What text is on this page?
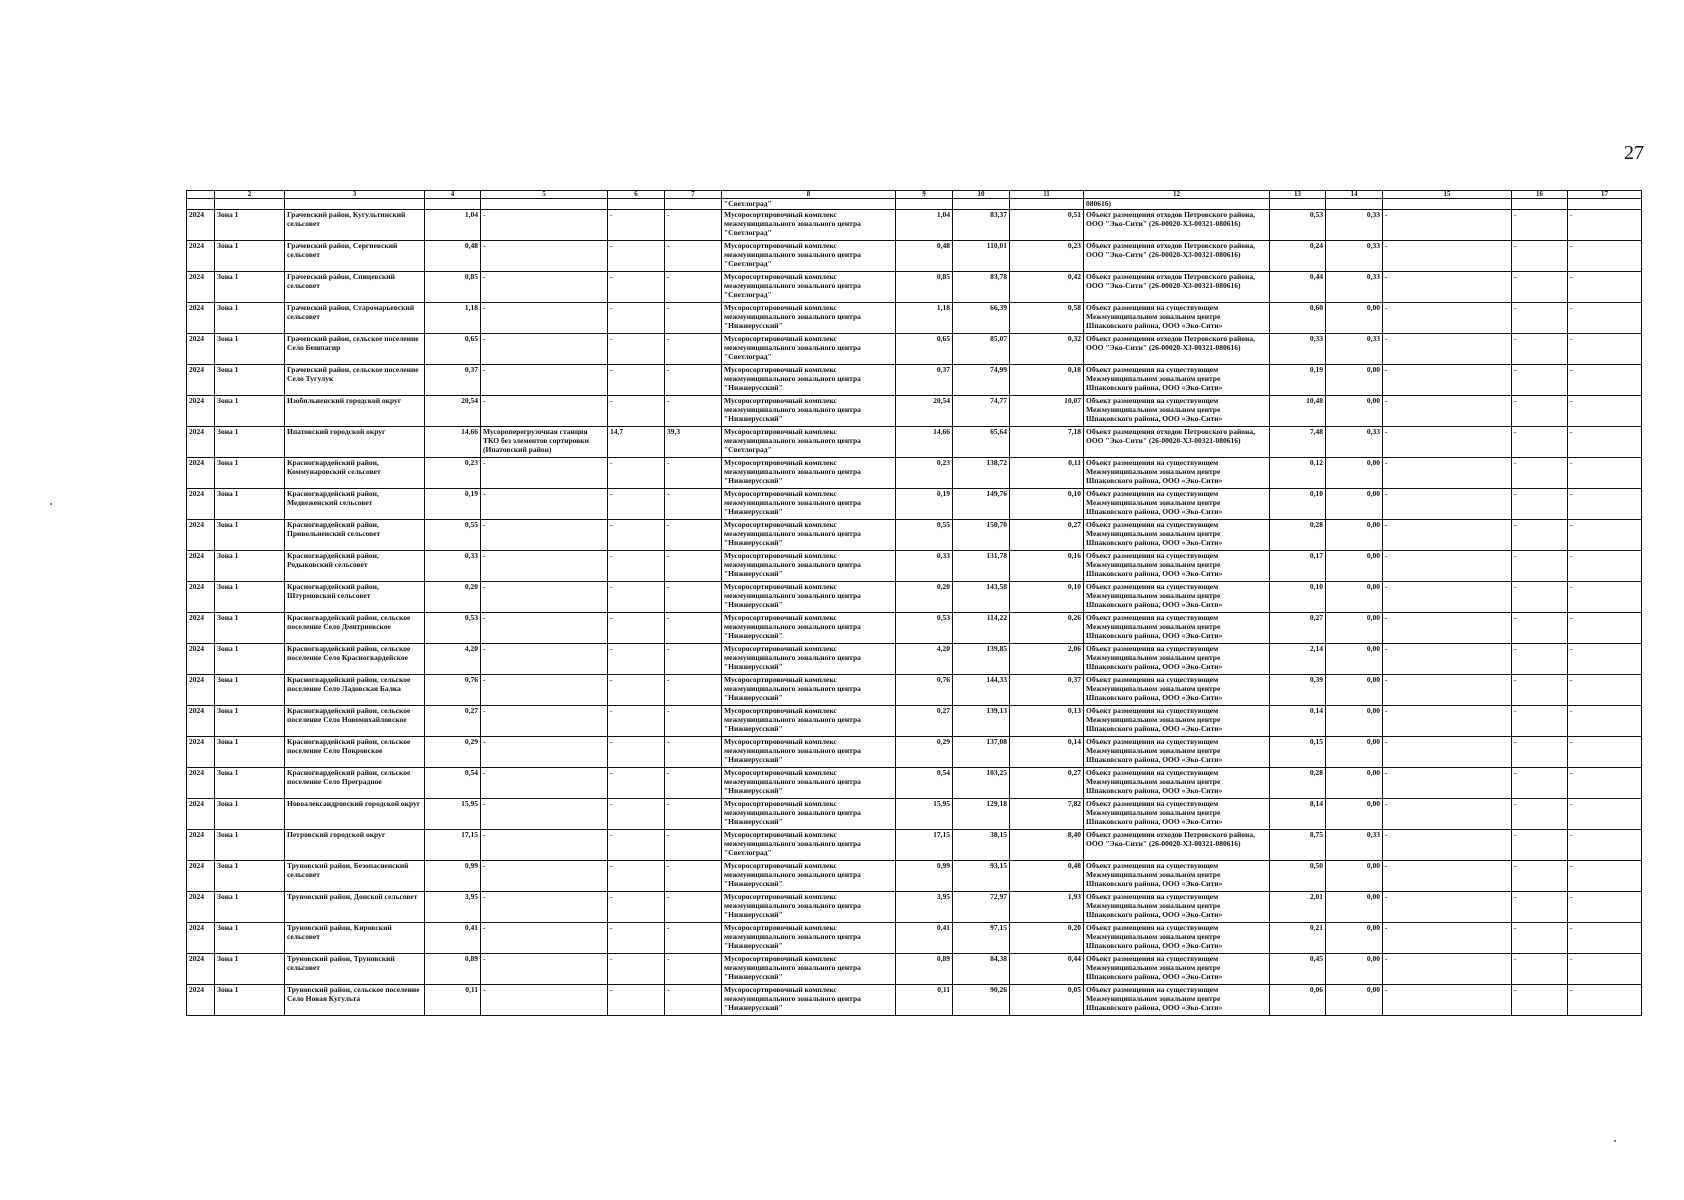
27
	2	3	4	5	6	7	8	9	10	11	12	13	14	15	16	17
							"Светлоград"				080616)					
2024	Зона 1	Грачевский район, Кугультинский сельсовет	1,04	-	-	-	Мусоросортировочный комплекс межмуниципального зонального центра "Светлоград"	1,04	83,37	0,51	Объект размещения отходов Петровского района, ООО "Эко-Сити" (26-00020-Х3-00321-080616)	0,53	0,33	-	-	-
2024	Зона 1	Грачевский район, Сергиевский сельсовет	0,48	-	-	-	Мусоросортировочный комплекс межмуниципального зонального центра "Светлоград"	0,48	110,01	0,23	Объект размещения отходов Петровского района, ООО "Эко-Сити" (26-00020-Х3-00321-080616)	0,24	0,33	-	-	-
2024	Зона 1	Грачевский район, Спицевский сельсовет	0,85	-	-	-	Мусоросортировочный комплекс межмуниципального зонального центра "Светлоград"	0,85	83,78	0,42	Объект размещения отходов Петровского района, ООО "Эко-Сити" (26-00020-Х3-00321-080616)	0,44	0,33	-	-	-
2024	Зона 1	Грачевский район, Старомарьевский сельсовет	1,18	-	-	-	Мусоросортировочный комплекс межмуниципального зонального центра "Нижнерусский"	1,18	66,39	0,58	Объект размещения на существующем Межмуниципальном зональном центре Шпаковского района, ООО «Эко-Сити»	0,60	0,00	-	-	-
2024	Зона 1	Грачевский район, сельское поселение Село Бешпагир	0,65	-	-	-	Мусоросортировочный комплекс межмуниципального зонального центра "Светлоград"	0,65	85,07	0,32	Объект размещения отходов Петровского района, ООО "Эко-Сити" (26-00020-Х3-00321-080616)	0,33	0,33	-	-	-
2024	Зона 1	Грачевский район, сельское поселение Село Тугулук	0,37	-	-	-	Мусоросортировочный комплекс межмуниципального зонального центра "Нижнерусский"	0,37	74,99	0,18	Объект размещения на существующем Межмуниципальном зональном центре Шпаковского района, ООО «Эко-Сити»	0,19	0,00	-	-	-
2024	Зона 1	Изобильненский городской округ	20,54	-	-	-	Мусоросортировочный комплекс межмуниципального зонального центра "Нижнерусский"	20,54	74,77	10,07	Объект размещения на существующем Межмуниципальном зональном центре Шпаковского района, ООО «Эко-Сити»	10,48	0,00	-	-	-
2024	Зона 1	Ипатовский городской округ	14,66	Мусороперегрузочная станция ТКО без элементов сортировки (Ипатовский район)	14,7	39,3	Мусоросортировочный комплекс межмуниципального зонального центра "Светлоград"	14,66	65,64	7,18	Объект размещения отходов Петровского района, ООО "Эко-Сити" (26-00020-Х3-00321-080616)	7,48	0,33	-	-	-
2024	Зона 1	Красногвардейский район, Коммунаровский сельсовет	0,23	-	-	-	Мусоросортировочный комплекс межмуниципального зонального центра "Нижнерусский"	0,23	138,72	0,11	Объект размещения на существующем Межмуниципальном зональном центре Шпаковского района, ООО «Эко-Сити»	0,12	0,00	-	-	-
2024	Зона 1	Красногвардейский район, Медвеженский сельсовет	0,19	-	-	-	Мусоросортировочный комплекс межмуниципального зонального центра "Нижнерусский"	0,19	149,76	0,10	Объект размещения на существующем Межмуниципальном зональном центре Шпаковского района, ООО «Эко-Сити»	0,10	0,00	-	-	-
2024	Зона 1	Красногвардейский район, Привольненский сельсовет	0,55	-	-	-	Мусоросортировочный комплекс межмуниципального зонального центра "Нижнерусский"	0,55	150,70	0,27	Объект размещения на существующем Межмуниципальном зональном центре Шпаковского района, ООО «Эко-Сити»	0,28	0,00	-	-	-
2024	Зона 1	Красногвардейский район, Родыковский сельсовет	0,33	-	-	-	Мусоросортировочный комплекс межмуниципального зонального центра "Нижнерусский"	0,33	131,78	0,16	Объект размещения на существующем Межмуниципальном зональном центре Шпаковского района, ООО «Эко-Сити»	0,17	0,00	-	-	-
2024	Зона 1	Красногвардейский район, Штурмовский сельсовет	0,20	-	-	-	Мусоросортировочный комплекс межмуниципального зонального центра "Нижнерусский"	0,20	143,58	0,10	Объект размещения на существующем Межмуниципальном зональном центре Шпаковского района, ООО «Эко-Сити»	0,10	0,00	-	-	-
2024	Зона 1	Красногвардейский район, сельское поселение Село Дмитриевское	0,53	-	-	-	Мусоросортировочный комплекс межмуниципального зонального центра "Нижнерусский"	0,53	114,22	0,26	Объект размещения на существующем Межмуниципальном зональном центре Шпаковского района, ООО «Эко-Сити»	0,27	0,00	-	-	-
2024	Зона 1	Красногвардейский район, сельское поселение Село Красногвардейское	4,20	-	-	-	Мусоросортировочный комплекс межмуниципального зонального центра "Нижнерусский"	4,20	139,85	2,06	Объект размещения на существующем Межмуниципальном зональном центре Шпаковского района, ООО «Эко-Сити»	2,14	0,00	-	-	-
2024	Зона 1	Красногвардейский район, сельское поселение Село Ладовская Балка	0,76	-	-	-	Мусоросортировочный комплекс межмуниципального зонального центра "Нижнерусский"	0,76	144,33	0,37	Объект размещения на существующем Межмуниципальном зональном центре Шпаковского района, ООО «Эко-Сити»	0,39	0,00	-	-	-
2024	Зона 1	Красногвардейский район, сельское поселение Село Новомихайловское	0,27	-	-	-	Мусоросортировочный комплекс межмуниципального зонального центра "Нижнерусский"	0,27	139,13	0,13	Объект размещения на существующем Межмуниципальном зональном центре Шпаковского района, ООО «Эко-Сити»	0,14	0,00	-	-	-
2024	Зона 1	Красногвардейский район, сельское поселение Село Покровское	0,29	-	-	-	Мусоросортировочный комплекс межмуниципального зонального центра "Нижнерусский"	0,29	137,08	0,14	Объект размещения на существующем Межмуниципальном зональном центре Шпаковского района, ООО «Эко-Сити»	0,15	0,00	-	-	-
2024	Зона 1	Красногвардейский район, сельское поселение Село Преградное	0,54	-	-	-	Мусоросортировочный комплекс межмуниципального зонального центра "Нижнерусский"	0,54	103,25	0,27	Объект размещения на существующем Межмуниципальном зональном центре Шпаковского района, ООО «Эко-Сити»	0,28	0,00	-	-	-
2024	Зона 1	Новоалександровский городской округ	15,95	-	-	-	Мусоросортировочный комплекс межмуниципального зонального центра "Нижнерусский"	15,95	129,18	7,82	Объект размещения на существующем Межмуниципальном зональном центре Шпаковского района, ООО «Эко-Сити»	8,14	0,00	-	-	-
2024	Зона 1	Петровский городской округ	17,15	-	-	-	Мусоросортировочный комплекс межмуниципального зонального центра "Светлоград"	17,15	38,15	8,40	Объект размещения отходов Петровского района, ООО "Эко-Сити" (26-00020-Х3-00321-080616)	8,75	0,33	-	-	-
2024	Зона 1	Труновский район, Безопасненский сельсовет	0,99	-	-	-	Мусоросортировочный комплекс межмуниципального зонального центра "Нижнерусский"	0,99	93,15	0,48	Объект размещения на существующем Межмуниципальном зональном центре Шпаковского района, ООО «Эко-Сити»	0,50	0,00	-	-	-
2024	Зона 1	Труновский район, Донской сельсовет	3,95	-	-	-	Мусоросортировочный комплекс межмуниципального зонального центра "Нижнерусский"	3,95	72,97	1,93	Объект размещения на существующем Межмуниципальном зональном центре Шпаковского района, ООО «Эко-Сити»	2,01	0,00	-	-	-
2024	Зона 1	Труновский район, Кировский сельсовет	0,41	-	-	-	Мусоросортировочный комплекс межмуниципального зонального центра "Нижнерусский"	0,41	97,15	0,20	Объект размещения на существующем Межмуниципальном зональном центре Шпаковского района, ООО «Эко-Сити»	0,21	0,00	-	-	-
2024	Зона 1	Труновский район, Труновский сельсовет	0,89	-	-	-	Мусоросортировочный комплекс межмуниципального зонального центра "Нижнерусский"	0,89	84,38	0,44	Объект размещения на существующем Межмуниципальном зональном центре Шпаковского района, ООО «Эко-Сити»	0,45	0,00	-	-	-
2024	Зона 1	Труновский район, сельское поселение Село Новая Кугульта	0,11	-	-	-	Мусоросортировочный комплекс межмуниципального зонального центра "Нижнерусский"	0,11	90,26	0,05	Объект размещения на существующем Межмуниципальном зональном центре Шпаковского района, ООО «Эко-Сити»	0,06	0,00	-	-	-
